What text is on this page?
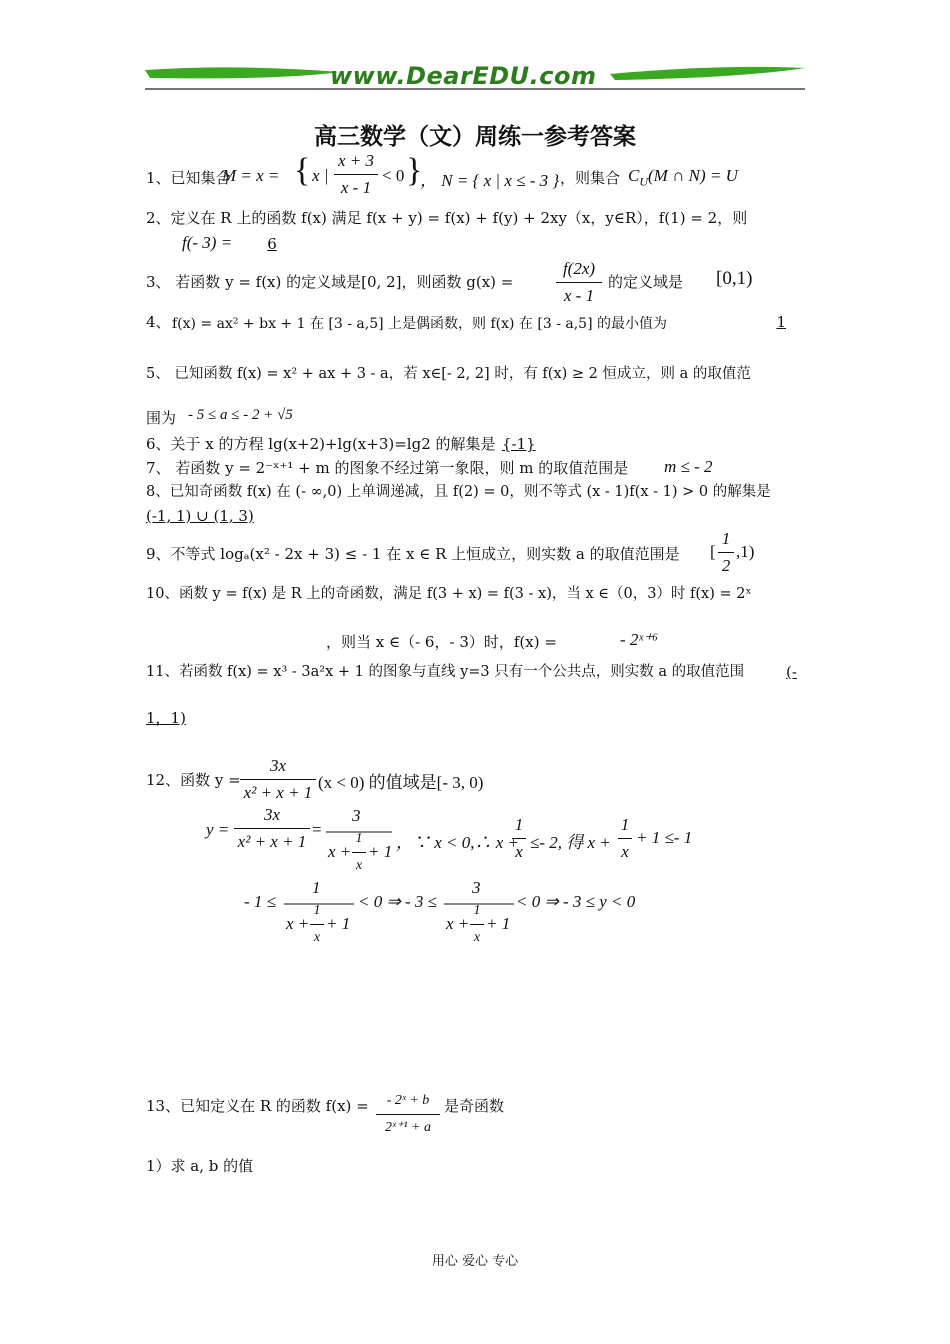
www.DearEDU.com
高三数学（文）周练一参考答案
1、已知集合
M = x = { x |
x + 3
x - 1
< 0 }
， N = { x | x ≤ - 3 } ，则集合 $C_U(M$ ∩ N) = U
2、定义在 R 上的函数 f(x) 满足 f(x + y) = f(x) + f(y) + 2xy（x，y∈R），f(1) = 2，则
f(- 3) =	6
3、 若函数 y = f(x) 的定义域是[0, 2]，则函数 g(x) =
f(2x)
x - 1
的定义域是 [0,1)
4、 f(x) = ax² + bx + 1 在 [3 - a,5] 上是偶函数，则 f(x) 在 [3 - a,5] 的最小值为	1
5、 已知函数 f(x) = x² + ax + 3 - a，若 x∈[- 2, 2] 时，有 f(x) ≥ 2 恒成立，则 a 的取值范
围为 - 5 ≤ a ≤ - 2 + √5
6、关于 x 的方程 lg(x+2)+lg(x+3)=lg2 的解集是 {-1}
7、 若函数 y = 2⁻ˣ⁺¹ + m 的图象不经过第一象限，则 m 的取值范围是 m ≤ - 2
8、已知奇函数 f(x) 在 (- ∞,0) 上单调递减，且 f(2) = 0，则不等式 (x - 1)f(x - 1) > 0 的解集是
(-1, 1) ∪ (1, 3)
9、不等式 logₐ(x² - 2x + 3) ≤ - 1 在 x ∈ R 上恒成立，则实数 a 的取值范围是 [
1
2
,1)
10、函数 y = f(x) 是 R 上的奇函数，满足 f(3 + x) = f(3 - x)，当 x ∈（0，3）时 f(x) = 2ˣ
，则当 x ∈（- 6，- 3）时，f(x) =	- 2ˣ⁺⁶
11、若函数 f(x) = x³ - 3a²x + 1 的图象与直线 y=3 只有一个公共点，则实数 a 的取值范围	(-
1，1)
12、函数 y =
3x
x² + x + 1
(x < 0) 的值域是[- 3, 0)
y =
3x
x² + x + 1
=
3
x +
1
x
+ 1 ，∵ x < 0,∴ x +
1
x ≤- 2, 得 x +
1
x
+ 1 ≤- 1
- 1 ≤
1
x +
1
x
+ 1
< 0 ⇒ - 3 ≤
3
x +
1
x
+ 1
< 0 ⇒ - 3 ≤ y < 0
13、已知定义在 R 的函数 f(x) =	- 2ˣ + b
2ˣ⁺¹ + a
是奇函数
1）求 a, b 的值
用心 爱心 专心
